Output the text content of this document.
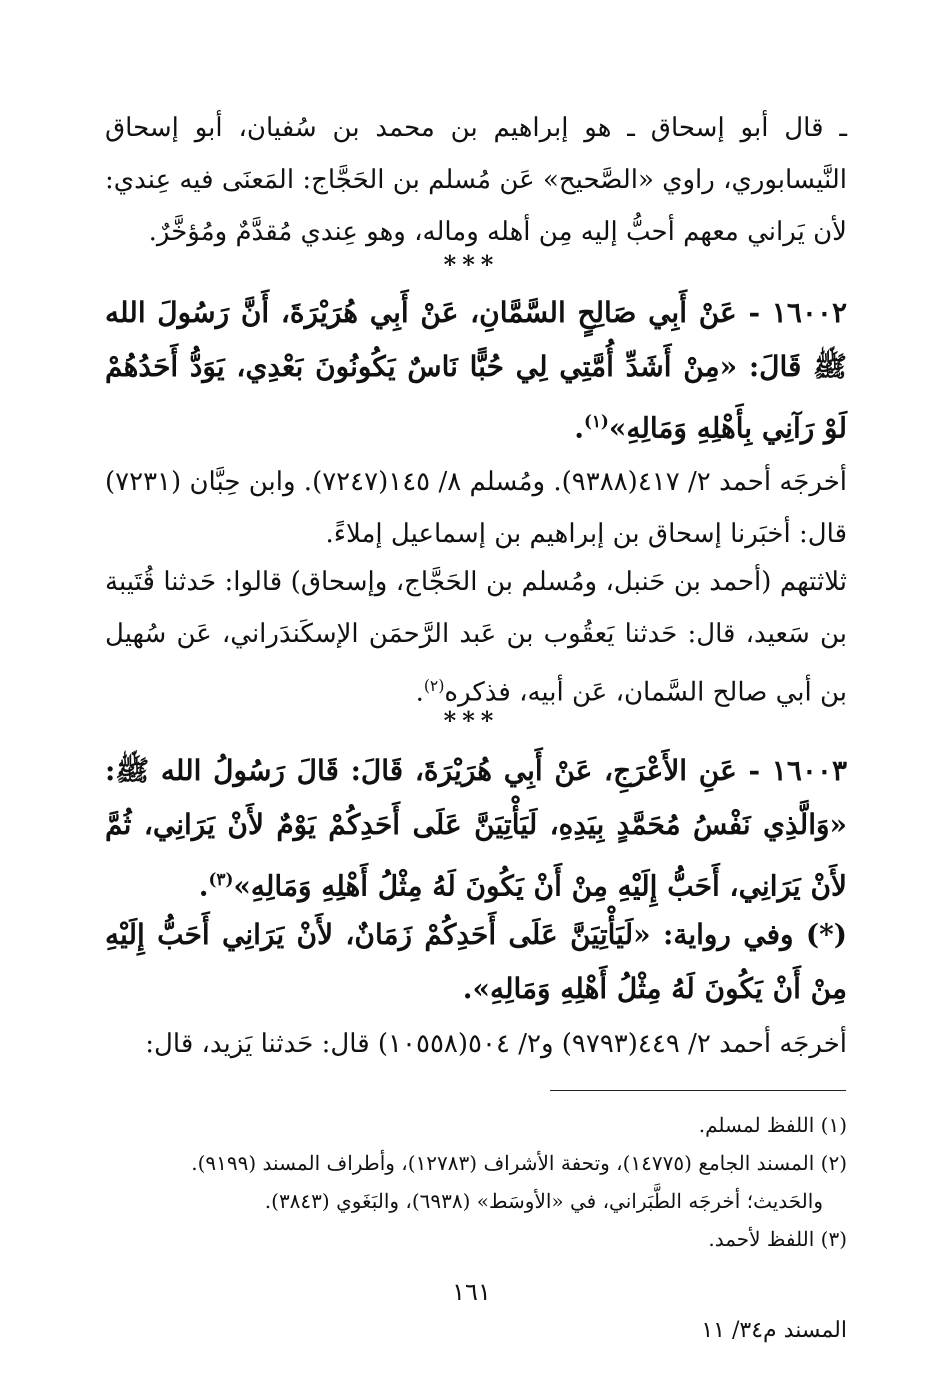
ـ قال أبو إسحاق ـ هو إبراهيم بن محمد بن سُفيان، أبو إسحاق النَّيسابوري، راوي «الصَّحيح» عَن مُسلم بن الحَجَّاج: المَعنَى فيه عِندي: لأن يَراني معهم أحبُّ إليه مِن أهله وماله، وهو عِندي مُقدَّمٌ ومُؤخَّرٌ.

***

١٦٠٠٢ - عَنْ أَبِي صَالِحٍ السَّمَّانِ، عَنْ أَبِي هُرَيْرَةَ، أَنَّ رَسُولَ الله ﷺ قَالَ: «مِنْ أَشَدِّ أُمَّتِي لِي حُبًّا نَاسٌ يَكُونُونَ بَعْدِي، يَوَدُّ أَحَدُهُمْ لَوْ رَآنِي بِأَهْلِهِ وَمَالِهِ»$^{(١)}$.

أخرجَه أحمد ٢/ ٤١٧(٩٣٨٨). ومُسلم ٨/ ١٤٥(٧٢٤٧). وابن حِبَّان (٧٢٣١) قال: أخبَرنا إسحاق بن إبراهيم بن إسماعيل إملاءً.

ثلاثتهم (أحمد بن حَنبل، ومُسلم بن الحَجَّاج، وإسحاق) قالوا: حَدثنا قُتَيبة بن سَعيد، قال: حَدثنا يَعقُوب بن عَبد الرَّحمَن الإسكَندَراني، عَن سُهيل بن أبي صالح السَّمان، عَن أبيه، فذكره$^{(٢)}$.

***

١٦٠٠٣ - عَنِ الأَعْرَجِ، عَنْ أَبِي هُرَيْرَةَ، قَالَ: قَالَ رَسُولُ الله ﷺ: «وَالَّذِي نَفْسُ مُحَمَّدٍ بِيَدِهِ، لَيَأْتِيَنَّ عَلَى أَحَدِكُمْ يَوْمٌ لأَنْ يَرَانِي، ثُمَّ لأَنْ يَرَانِي، أَحَبُّ إِلَيْهِ مِنْ أَنْ يَكُونَ لَهُ مِثْلُ أَهْلِهِ وَمَالِهِ»$^{(٣)}$.

(*) وفي رواية: «لَيَأْتِيَنَّ عَلَى أَحَدِكُمْ زَمَانٌ، لأَنْ يَرَانِي أَحَبُّ إِلَيْهِ مِنْ أَنْ يَكُونَ لَهُ مِثْلُ أَهْلِهِ وَمَالِهِ».

أخرجَه أحمد ٢/ ٤٤٩(٩٧٩٣) و٢/ ٥٠٤(١٠٥٥٨) قال: حَدثنا يَزيد، قال:

(١) اللفظ لمسلم.

(٢) المسند الجامع (١٤٧٧٥)، وتحفة الأشراف (١٢٧٨٣)، وأطراف المسند (٩١٩٩).

والحَديث؛ أخرجَه الطَّبَراني، في «الأوسَط» (٦٩٣٨)، والبَغَوي (٣٨٤٣).

(٣) اللفظ لأحمد.

١٦١
المسند م٣٤/ ١١
